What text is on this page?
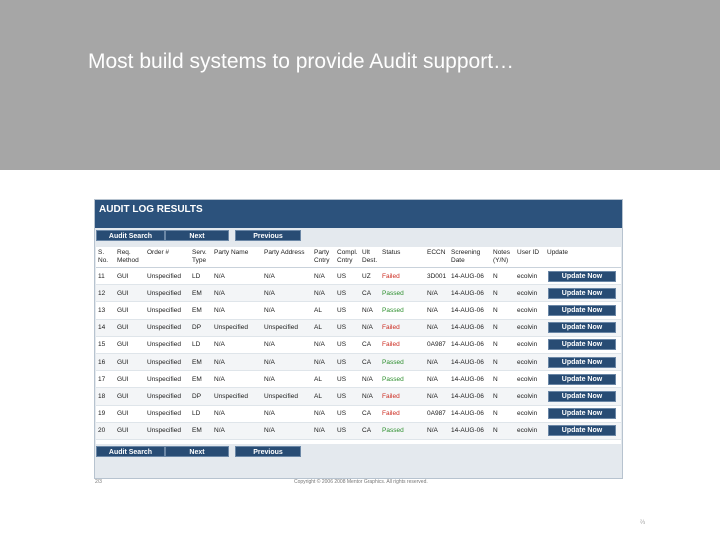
Most build systems to provide Audit support…
AUDIT LOG RESULTS
Audit Search	Next	Previous
S. No.	Req. Method	Order #	Serv. Type	Party Name	Party Address	Party Cntry	Compl. Cntry	Ult Dest.	Status	ECCN	Screening Date	Notes (Y/N)	User ID	Update
11	GUI	Unspecified	LD	N/A	N/A	N/A	US	UZ	Failed	3D001	14-AUG-06	N	ecolvin	Update Now

12	GUI	Unspecified	EM	N/A	N/A	N/A	US	CA	Passed	N/A	14-AUG-06	N	ecolvin	Update Now

13	GUI	Unspecified	EM	N/A	N/A	AL	US	N/A	Passed	N/A	14-AUG-06	N	ecolvin	Update Now

14	GUI	Unspecified	DP	Unspecified	Unspecified	AL	US	N/A	Failed	N/A	14-AUG-06	N	ecolvin	Update Now

15	GUI	Unspecified	LD	N/A	N/A	N/A	US	CA	Failed	0A987	14-AUG-06	N	ecolvin	Update Now

16	GUI	Unspecified	EM	N/A	N/A	N/A	US	CA	Passed	N/A	14-AUG-06	N	ecolvin	Update Now

17	GUI	Unspecified	EM	N/A	N/A	AL	US	N/A	Passed	N/A	14-AUG-06	N	ecolvin	Update Now

18	GUI	Unspecified	DP	Unspecified	Unspecified	AL	US	N/A	Failed	N/A	14-AUG-06	N	ecolvin	Update Now

19	GUI	Unspecified	LD	N/A	N/A	N/A	US	CA	Failed	0A987	14-AUG-06	N	ecolvin	Update Now

20	GUI	Unspecified	EM	N/A	N/A	N/A	US	CA	Passed	N/A	14-AUG-06	N	ecolvin	Update Now
Audit Search	Next	Previous
2/3	Copyright © 2006 2008 Mentor Graphics. All rights reserved.
⅔
